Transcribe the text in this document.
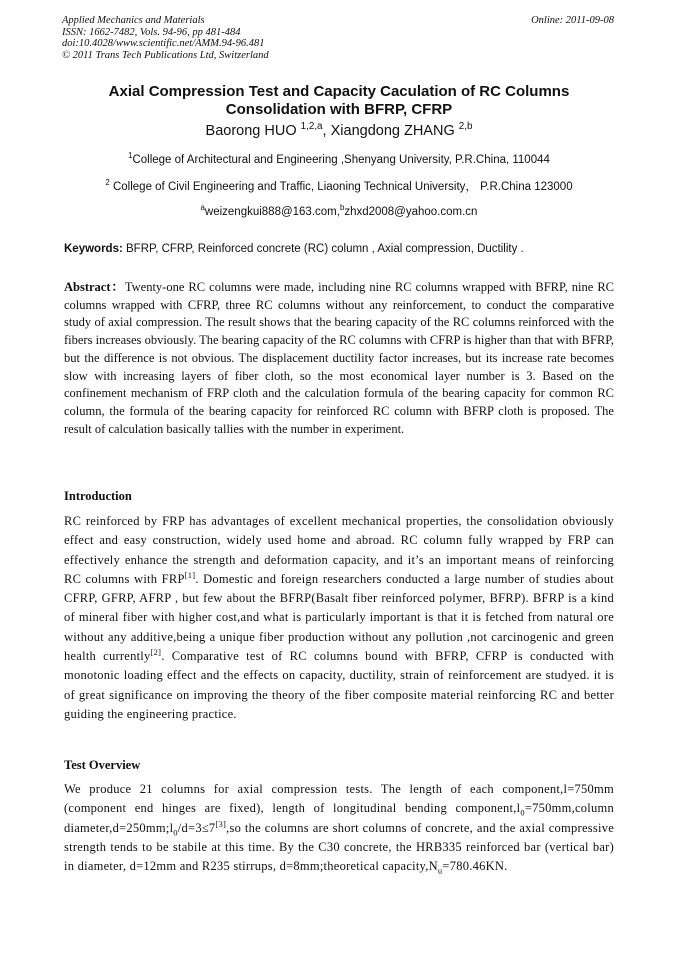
Applied Mechanics and Materials
ISSN: 1662-7482, Vols. 94-96, pp 481-484
doi:10.4028/www.scientific.net/AMM.94-96.481
© 2011 Trans Tech Publications Ltd, Switzerland
Online: 2011-09-08
Axial Compression Test and Capacity Caculation of RC Columns
Consolidation with BFRP, CFRP
Baorong HUO $^{1,2,a}$, Xiangdong ZHANG $^{2,b}$
$^1$College of Architectural and Engineering ,Shenyang University, P.R.China, 110044
$^2$ College of Civil Engineering and Traffic, Liaoning Technical University， P.R.China 123000
$^a$weizengkui888@163.com,$^b$zhxd2008@yahoo.com.cn
Keywords: BFRP, CFRP, Reinforced concrete (RC) column , Axial compression, Ductility .
Abstract：Twenty-one RC columns were made, including nine RC columns wrapped with BFRP, nine RC columns wrapped with CFRP, three RC columns without any reinforcement, to conduct the comparative study of axial compression. The result shows that the bearing capacity of the RC columns reinforced with the fibers increases obviously. The bearing capacity of the RC columns with CFRP is higher than that with BFRP, but the difference is not obvious. The displacement ductility factor increases, but its increase rate becomes slow with increasing layers of fiber cloth, so the most economical layer number is 3. Based on the confinement mechanism of FRP cloth and the calculation formula of the bearing capacity for common RC column, the formula of the bearing capacity for reinforced RC column with BFRP cloth is proposed. The result of calculation basically tallies with the number in experiment.
Introduction
RC reinforced by FRP has advantages of excellent mechanical properties, the consolidation obviously effect and easy construction, widely used home and abroad. RC column fully wrapped by FRP can effectively enhance the strength and deformation capacity, and it’s an important means of reinforcing RC columns with FRP[1]. Domestic and foreign researchers conducted a large number of studies about CFRP, GFRP, AFRP , but few about the BFRP(Basalt fiber reinforced polymer, BFRP). BFRP is a kind of mineral fiber with higher cost,and what is particularly important is that it is fetched from natural ore without any additive,being a unique fiber production without any pollution ,not carcinogenic and green health currently[2]. Comparative test of RC columns bound with BFRP, CFRP is conducted with monotonic loading effect and the effects on capacity, ductility, strain of reinforcement are studyed. it is of great significance on improving the theory of the fiber composite material reinforcing RC and better guiding the engineering practice.
Test Overview
We produce 21 columns for axial compression tests. The length of each component,l=750mm (component end hinges are fixed), length of longitudinal bending $component,l_0=750mm,column$ $diameter,d=250mm;l_0/d=3\le 7[3],so$ the columns are short columns of concrete, and the axial compressive strength tends to be stabile at this time. By the C30 concrete, the HRB335 reinforced bar (vertical bar) in diameter, d=12mm and R235 stirrups, d=8mm;theoretical $capacity,N_u=780.46KN$.
